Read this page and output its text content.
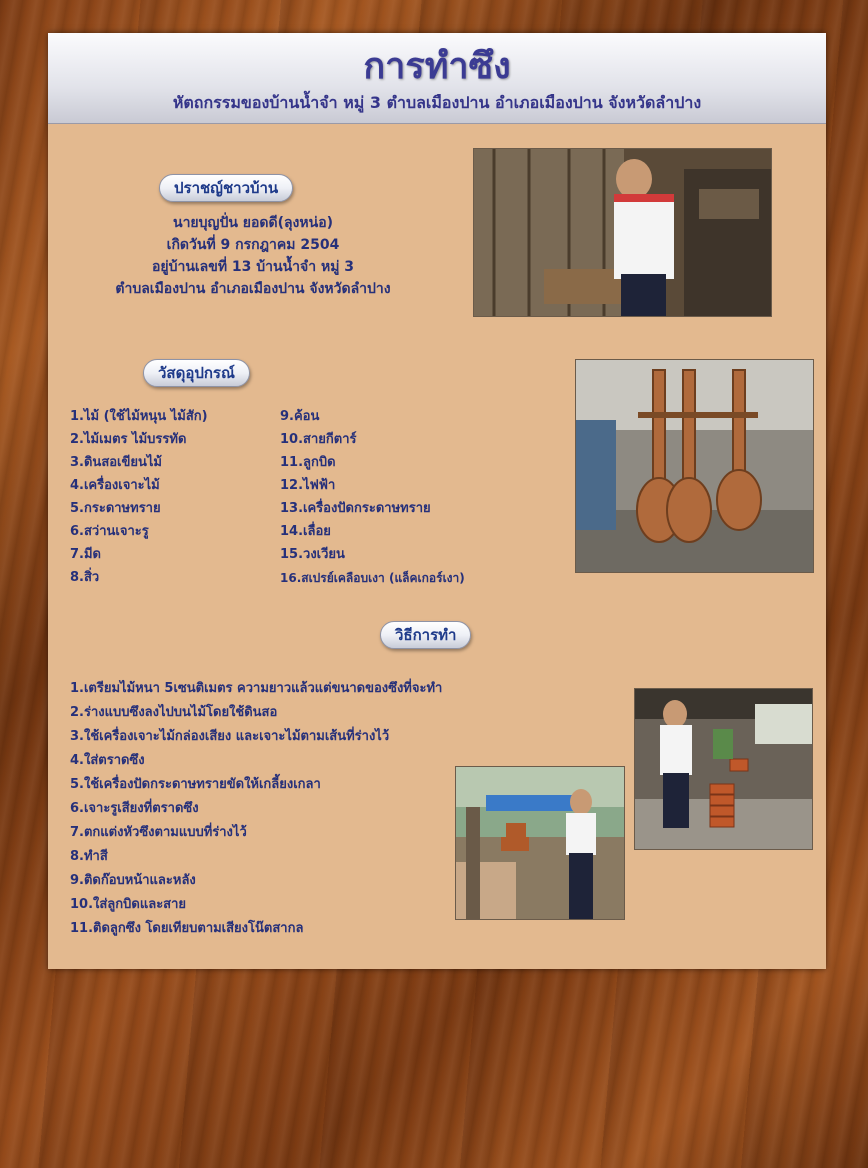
การทำซึง
หัตถกรรมของบ้านน้ำจำ หมู่ 3 ตำบลเมืองปาน อำเภอเมืองปาน จังหวัดลำปาง
ปราชญ์ชาวบ้าน
นายบุญปั่น ยอดดี(ลุงหน่อ)
เกิดวันที่ 9 กรกฎาคม 2504
อยู่บ้านเลขที่ 13 บ้านน้ำจำ หมู่ 3
ตำบลเมืองปาน อำเภอเมืองปาน จังหวัดลำปาง
วัสดุอุปกรณ์
1.ไม้ (ใช้ไม้หนุน ไม้สัก)
2.ไม้เมตร ไม้บรรทัด
3.ดินสอเขียนไม้
4.เครื่องเจาะไม้
5.กระดาษทราย
6.สว่านเจาะรู
7.มีด
8.สิ่ว
9.ค้อน
10.สายกีตาร์
11.ลูกบิด
12.ไฟฟ้า
13.เครื่องปัดกระดาษทราย
14.เลื่อย
15.วงเวียน
16.สเปรย์เคลือบเงา (แล็คเกอร์เงา)
วิธีการทำ
1.เตรียมไม้หนา 5เซนติเมตร ความยาวแล้วแต่ขนาดของซึงที่จะทำ
2.ร่างแบบซึงลงไปบนไม้โดยใช้ดินสอ
3.ใช้เครื่องเจาะไม้กล่องเสียง และเจาะไม้ตามเส้นที่ร่างไว้
4.ใส่ตราดซึง
5.ใช้เครื่องปัดกระดาษทรายขัดให้เกลี้ยงเกลา
6.เจาะรูเสียงที่ตราดซึง
7.ตกแต่งหัวซึงตามแบบที่ร่างไว้
8.ทำสี
9.ติดก๊อบหน้าและหลัง
10.ใส่ลูกบิดและสาย
11.ติดลูกซึง โดยเทียบตามเสียงโน๊ตสากล
